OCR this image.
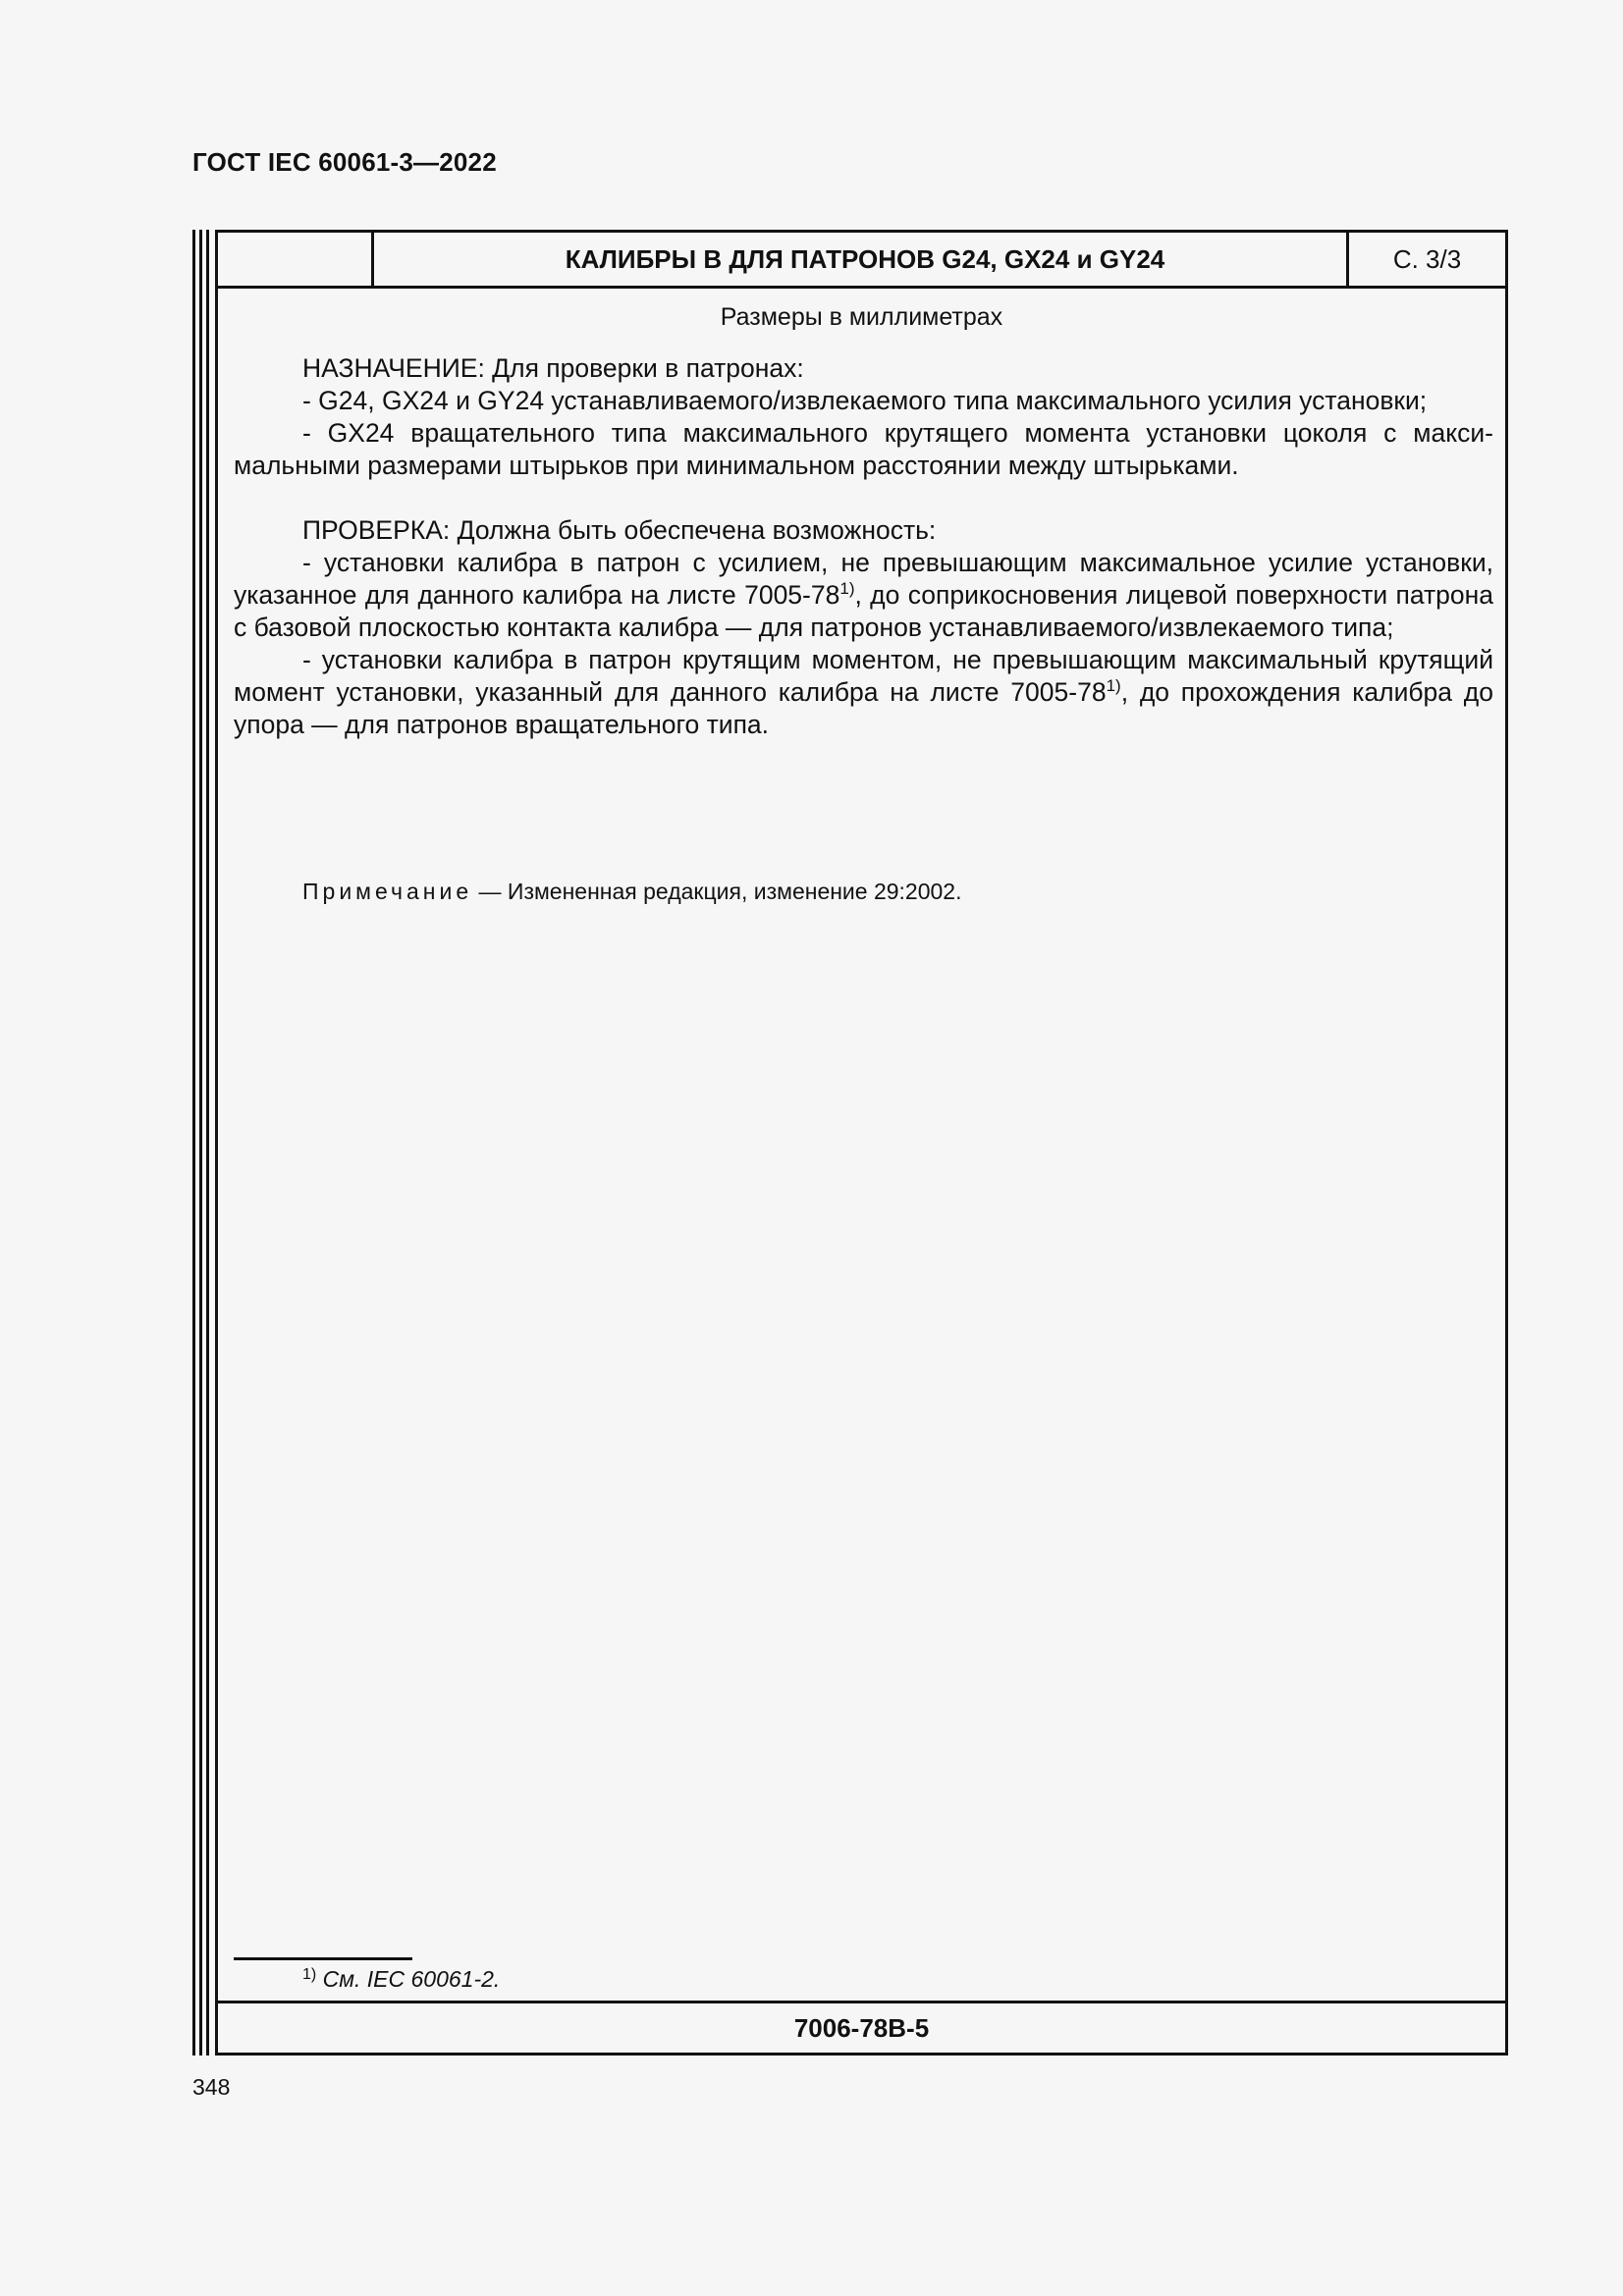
ГОСТ IEC 60061-3—2022
КАЛИБРЫ B ДЛЯ ПАТРОНОВ G24, GX24 и GY24	С. 3/3
Размеры в миллиметрах

НАЗНАЧЕНИЕ: Для проверки в патронах:

- G24, GX24 и GY24 устанавливаемого/извлекаемого типа максимального усилия установки;

- GX24 вращательного типа максимального крутящего момента установки цоколя с максимальными размерами штырьков при минимальном расстоянии между штырьками.

ПРОВЕРКА: Должна быть обеспечена возможность:

- установки калибра в патрон с усилием, не превышающим максимальное усилие установки, указанное для данного калибра на листе 7005-78$^{1)}$, до соприкосновения лицевой поверхности патрона с базовой плоскостью контакта калибра — для патронов устанавливаемого/извлекаемого типа;

- установки калибра в патрон крутящим моментом, не превышающим максимальный крутящий момент установки, указанный для данного калибра на листе 7005-78$^{1)}$, до прохождения калибра до упора — для патронов вращательного типа.

Примечание — Измененная редакция, изменение 29:2002.
$^{1)}$ См. IEC 60061-2.
7006-78B-5
348
